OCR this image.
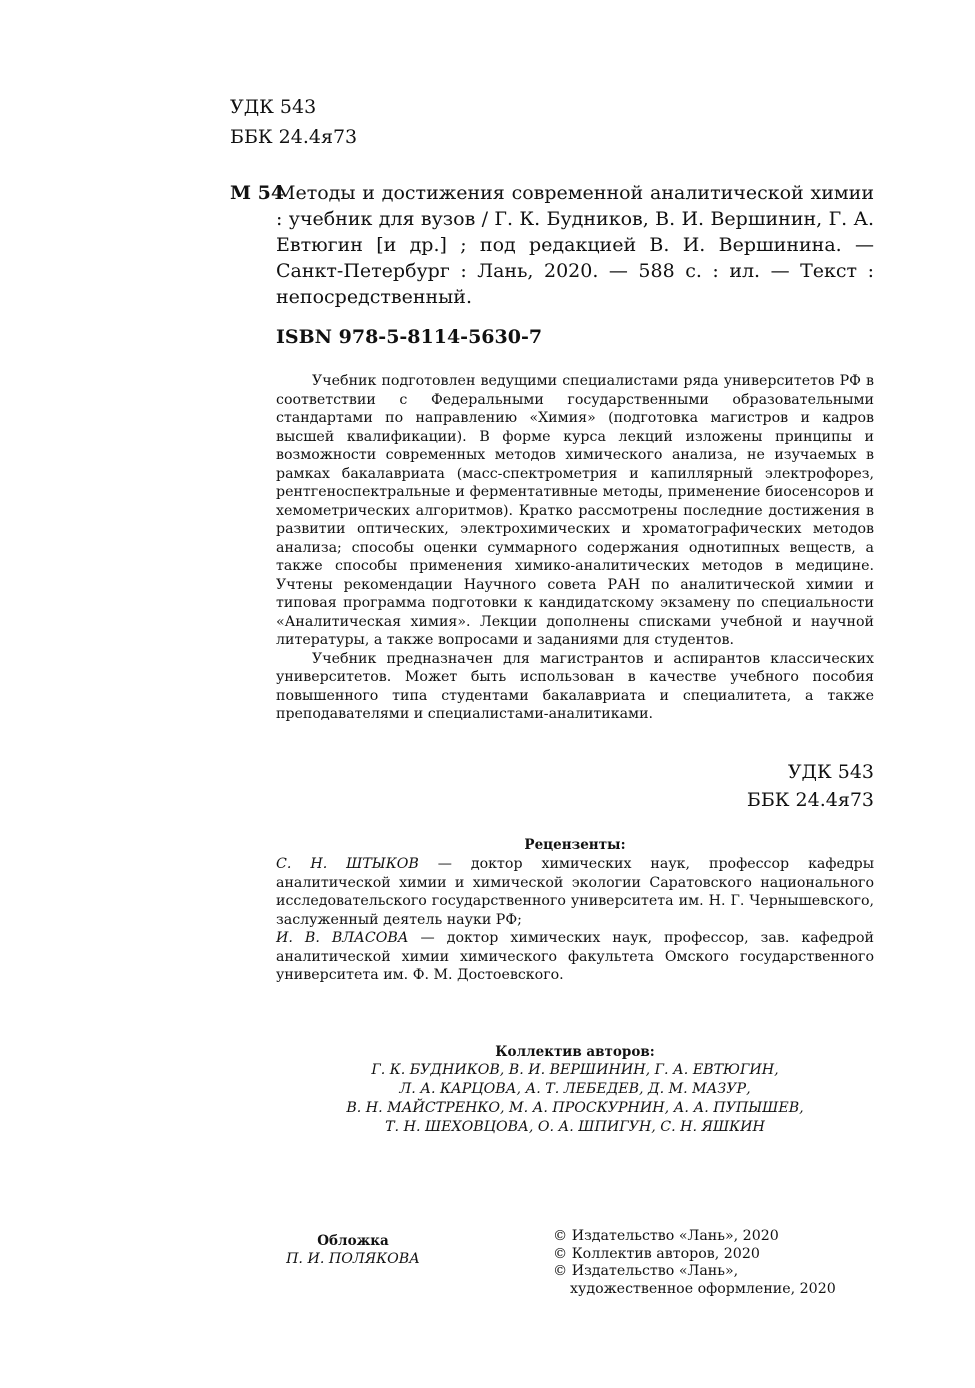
УДК 543
ББК 24.4я73
М 54
Методы и достижения современной аналитической химии : учебник для вузов / Г. К. Будников, В. И. Вершинин, Г. А. Евтюгин [и др.] ; под редакцией В. И. Вершинина. — Санкт-Петербург : Лань, 2020. — 588 с. : ил. — Текст : непосредственный.
ISBN 978-5-8114-5630-7

Учебник подготовлен ведущими специалистами ряда университетов РФ в соответствии с Федеральными государственными образовательными стандартами по направлению «Химия» (подготовка магистров и кадров высшей квалификации). В форме курса лекций изложены принципы и возможности современных методов химического анализа, не изучаемых в рамках бакалавриата (масс-спектрометрия и капиллярный электрофорез, рентгеноспектральные и ферментативные методы, применение биосенсоров и хемометрических алгоритмов). Кратко рассмотрены последние достижения в развитии оптических, электрохимических и хроматографических методов анализа; способы оценки суммарного содержания однотипных веществ, а также способы применения химико-аналитических методов в медицине. Учтены рекомендации Научного совета РАН по аналитической химии и типовая программа подготовки к кандидатскому экзамену по специальности «Аналитическая химия». Лекции дополнены списками учебной и научной литературы, а также вопросами и заданиями для студентов.

Учебник предназначен для магистрантов и аспирантов классических университетов. Может быть использован в качестве учебного пособия повышенного типа студентами бакалавриата и специалитета, а также преподавателями и специалистами-аналитиками.

УДК 543
ББК 24.4я73
Рецензенты:

С. Н. ШТЫКОВ — доктор химических наук, профессор кафедры аналитической химии и химической экологии Саратовского национального исследовательского государственного университета им. Н. Г. Чернышевского, заслуженный деятель науки РФ;

И. В. ВЛАСОВА — доктор химических наук, профессор, зав. кафедрой аналитической химии химического факультета Омского государственного университета им. Ф. М. Достоевского.

Коллектив авторов:
Г. К. БУДНИКОВ, В. И. ВЕРШИНИН, Г. А. ЕВТЮГИН,
Л. А. КАРЦОВА, А. Т. ЛЕБЕДЕВ, Д. М. МАЗУР,
В. Н. МАЙСТРЕНКО, М. А. ПРОСКУРНИН, А. А. ПУПЫШЕВ,
Т. Н. ШЕХОВЦОВА, О. А. ШПИГУН, С. Н. ЯШКИН
Обложка
П. И. ПОЛЯКОВА
© Издательство «Лань», 2020
© Коллектив авторов, 2020
© Издательство «Лань»,
художественное оформление, 2020
